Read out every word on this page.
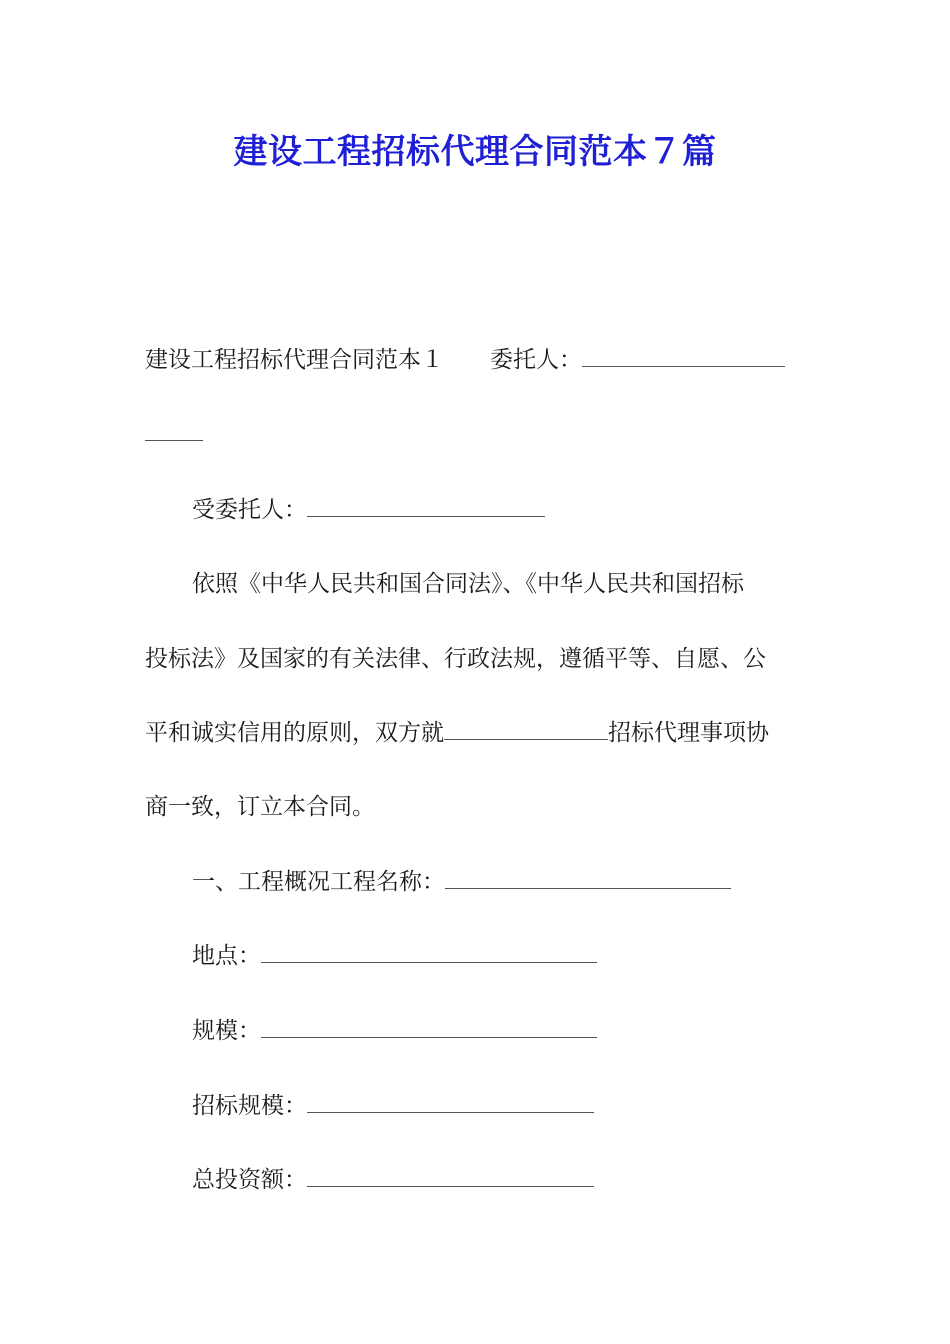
建设工程招标代理合同范本７篇
建设工程招标代理合同范本１　　委托人：
受委托人：
依照《中华人民共和国合同法》、《中华人民共和国招标
投标法》及国家的有关法律、行政法规，遵循平等、自愿、公
平和诚实信用的原则，双方就	招标代理事项协
商一致，订立本合同。
一、工程概况工程名称：
地点：
规模：
招标规模：
总投资额：
